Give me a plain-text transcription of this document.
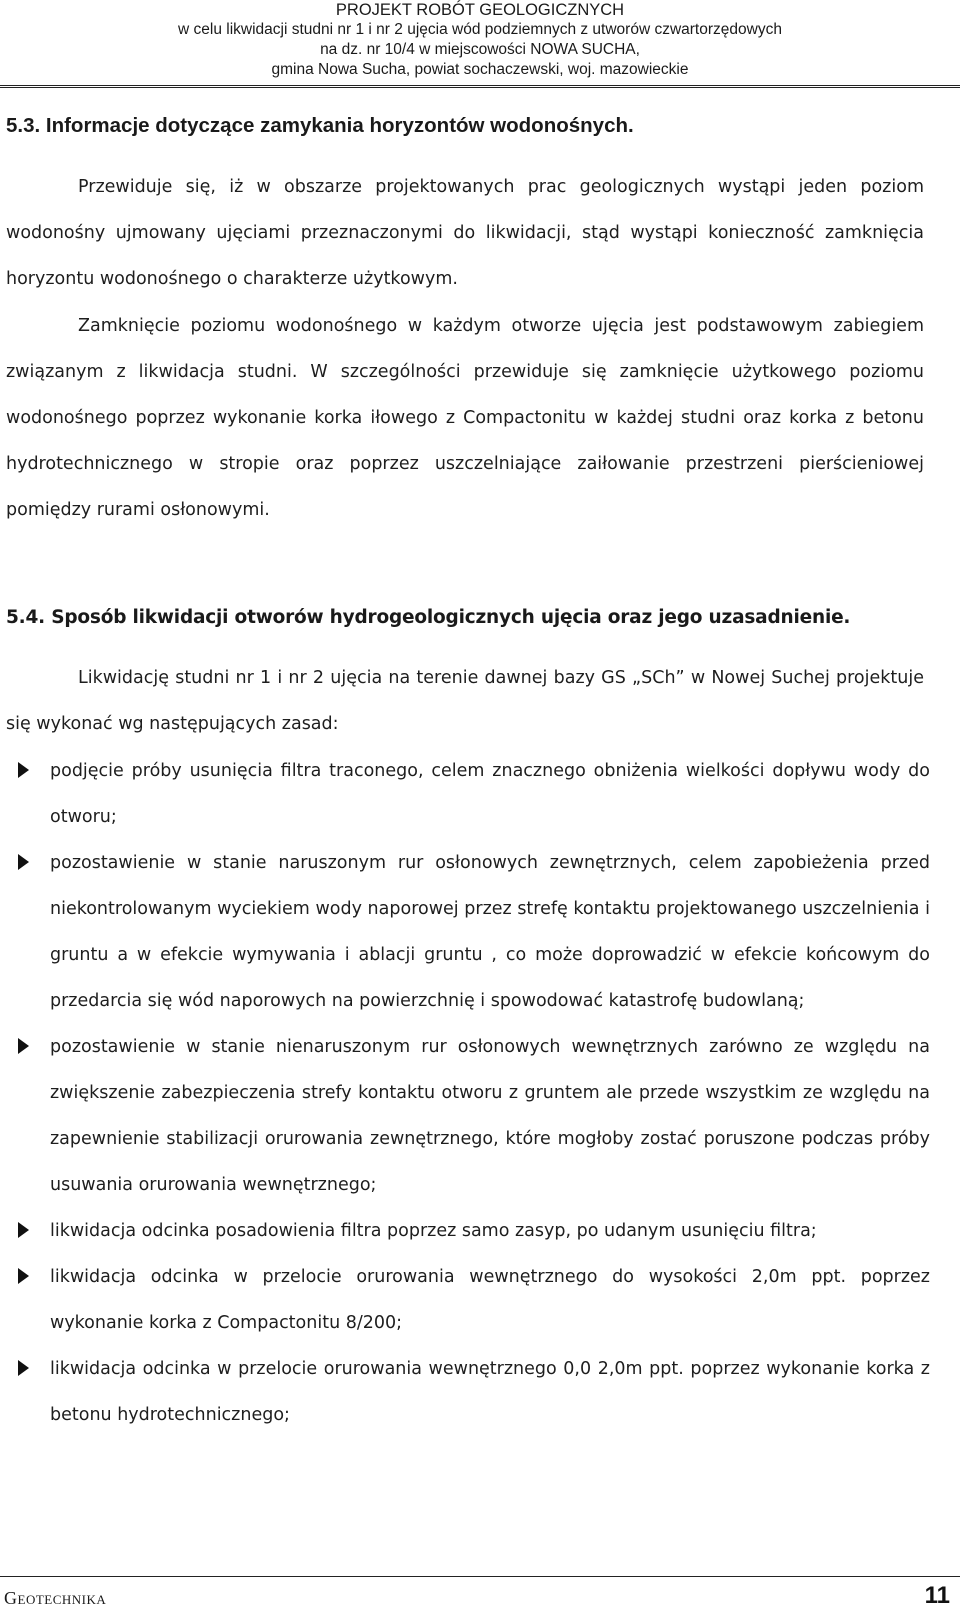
PROJEKT ROBÓT GEOLOGICZNYCH
w celu likwidacji studni nr 1 i nr 2 ujęcia wód podziemnych z utworów czwartorzędowych
na dz. nr 10/4 w miejscowości NOWA SUCHA,
gmina Nowa Sucha, powiat sochaczewski, woj. mazowieckie
5.3. Informacje dotyczące zamykania horyzontów wodonośnych.

Przewiduje się, iż w obszarze projektowanych prac geologicznych wystąpi jeden poziom wodonośny ujmowany ujęciami przeznaczonymi do likwidacji, stąd wystąpi konieczność zamknięcia horyzontu wodonośnego o charakterze użytkowym.

Zamknięcie poziomu wodonośnego w każdym otworze ujęcia jest podstawowym zabiegiem związanym z likwidacja studni. W szczególności przewiduje się zamknięcie użytkowego poziomu wodonośnego poprzez wykonanie korka iłowego z Compactonitu w każdej studni oraz korka z betonu hydrotechnicznego w stropie oraz poprzez uszczelniające zaiłowanie przestrzeni pierścieniowej pomiędzy rurami osłonowymi.

5.4. Sposób likwidacji otworów hydrogeologicznych ujęcia oraz jego uzasadnienie.

Likwidację studni nr 1 i nr 2 ujęcia na terenie dawnej bazy GS „SCh” w Nowej Suchej projektuje się wykonać wg następujących zasad:

podjęcie próby usunięcia filtra traconego, celem znacznego obniżenia wielkości dopływu wody do otworu;
pozostawienie w stanie naruszonym rur osłonowych zewnętrznych, celem zapobieżenia przed niekontrolowanym wyciekiem wody naporowej przez strefę kontaktu projektowanego uszczelnienia i gruntu a w efekcie wymywania i ablacji gruntu , co może doprowadzić w efekcie końcowym do przedarcia się wód naporowych na powierzchnię i spowodować katastrofę budowlaną;
pozostawienie w stanie nienaruszonym rur osłonowych wewnętrznych zarówno ze względu na zwiększenie zabezpieczenia strefy kontaktu otworu z gruntem ale przede wszystkim ze względu na zapewnienie stabilizacji orurowania zewnętrznego, które mogłoby zostać poruszone podczas próby usuwania orurowania wewnętrznego;
likwidacja odcinka posadowienia filtra poprzez samo zasyp, po udanym usunięciu filtra;
likwidacja odcinka w przelocie orurowania wewnętrznego do wysokości 2,0m ppt. poprzez wykonanie korka z Compactonitu 8/200;
likwidacja odcinka w przelocie orurowania wewnętrznego 0,0 2,0m ppt. poprzez wykonanie korka z betonu hydrotechnicznego;
Geotechnika	11
